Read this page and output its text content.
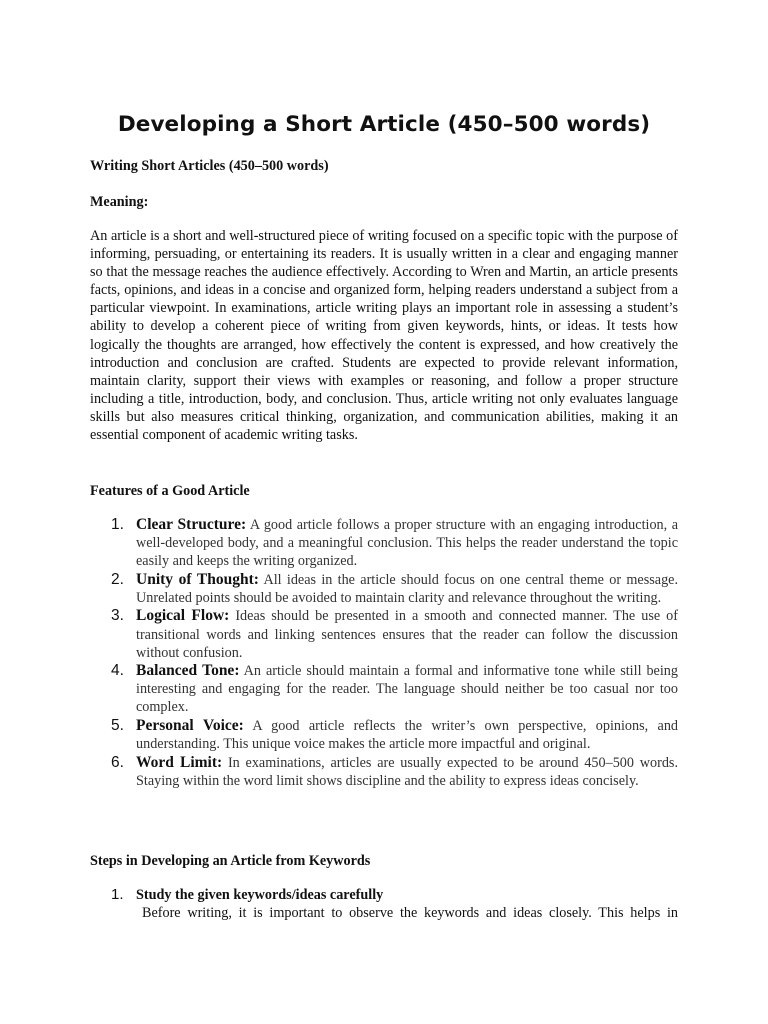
Developing a Short Article (450–500 words)

Writing Short Articles (450–500 words)

Meaning:

An article is a short and well-structured piece of writing focused on a specific topic with the purpose of informing, persuading, or entertaining its readers. It is usually written in a clear and engaging manner so that the message reaches the audience effectively. According to Wren and Martin, an article presents facts, opinions, and ideas in a concise and organized form, helping readers understand a subject from a particular viewpoint. In examinations, article writing plays an important role in assessing a student’s ability to develop a coherent piece of writing from given keywords, hints, or ideas. It tests how logically the thoughts are arranged, how effectively the content is expressed, and how creatively the introduction and conclusion are crafted. Students are expected to provide relevant information, maintain clarity, support their views with examples or reasoning, and follow a proper structure including a title, introduction, body, and conclusion. Thus, article writing not only evaluates language skills but also measures critical thinking, organization, and communication abilities, making it an essential component of academic writing tasks.

Features of a Good Article

1. Clear Structure: A good article follows a proper structure with an engaging introduction, a well-developed body, and a meaningful conclusion. This helps the reader understand the topic easily and keeps the writing organized.
2. Unity of Thought: All ideas in the article should focus on one central theme or message. Unrelated points should be avoided to maintain clarity and relevance throughout the writing.
3. Logical Flow: Ideas should be presented in a smooth and connected manner. The use of transitional words and linking sentences ensures that the reader can follow the discussion without confusion.
4. Balanced Tone: An article should maintain a formal and informative tone while still being interesting and engaging for the reader. The language should neither be too casual nor too complex.
5. Personal Voice: A good article reflects the writer’s own perspective, opinions, and understanding. This unique voice makes the article more impactful and original.
6. Word Limit: In examinations, articles are usually expected to be around 450–500 words. Staying within the word limit shows discipline and the ability to express ideas concisely.

Steps in Developing an Article from Keywords

1. Study the given keywords/ideas carefully
Before writing, it is important to observe the keywords and ideas closely. This helps in
